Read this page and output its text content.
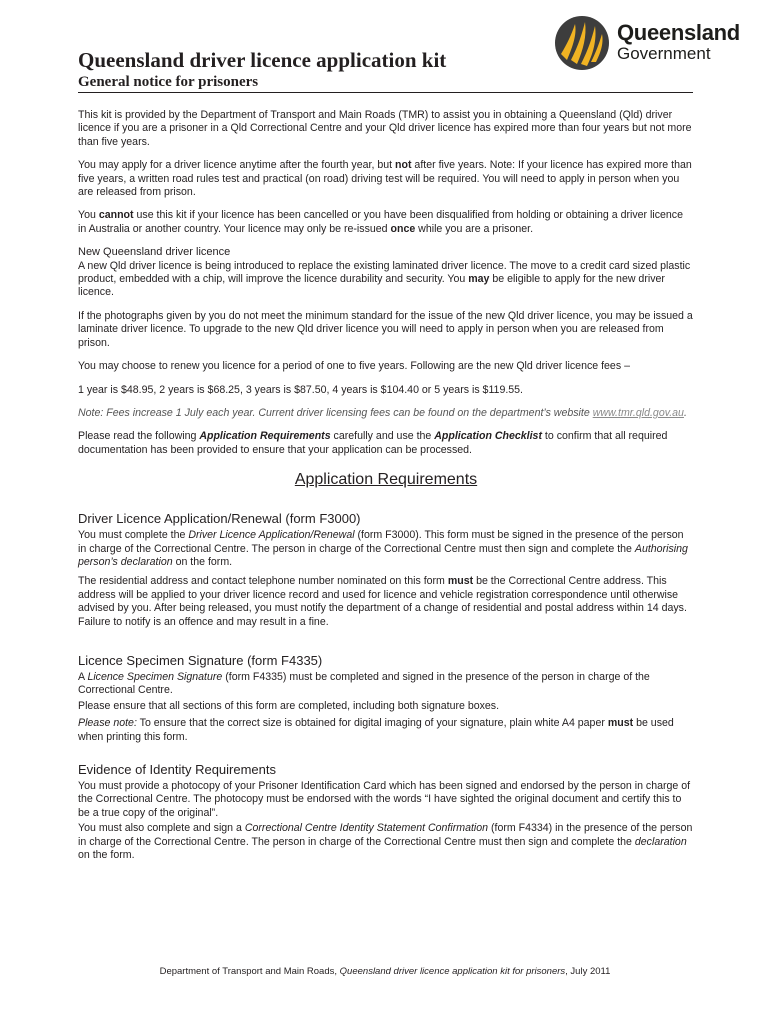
Queensland
Government
Queensland driver licence application kit
General notice for prisoners

This kit is provided by the Department of Transport and Main Roads (TMR) to assist you in obtaining a Queensland (Qld) driver licence if you are a prisoner in a Qld Correctional Centre and your Qld driver licence has expired more than four years but not more than five years.

You may apply for a driver licence anytime after the fourth year, but not after five years. Note: If your licence has expired more than five years, a written road rules test and practical (on road) driving test will be required. You will need to apply in person when you are released from prison.

You cannot use this kit if your licence has been cancelled or you have been disqualified from holding or obtaining a driver licence in Australia or another country. Your licence may only be re-issued once while you are a prisoner.

New Queensland driver licence

A new Qld driver licence is being introduced to replace the existing laminated driver licence. The move to a credit card sized plastic product, embedded with a chip, will improve the licence durability and security. You may be eligible to apply for the new driver licence.

If the photographs given by you do not meet the minimum standard for the issue of the new Qld driver licence, you may be issued a laminate driver licence. To upgrade to the new Qld driver licence you will need to apply in person when you are released from prison.

You may choose to renew you licence for a period of one to five years. Following are the new Qld driver licence fees –

1 year is $48.95, 2 years is $68.25, 3 years is $87.50, 4 years is $104.40 or 5 years is $119.55.

Note: Fees increase 1 July each year. Current driver licensing fees can be found on the department’s website www.tmr.qld.gov.au.

Please read the following Application Requirements carefully and use the Application Checklist to confirm that all required documentation has been provided to ensure that your application can be processed.

Application Requirements
Driver Licence Application/Renewal (form F3000)

You must complete the Driver Licence Application/Renewal (form F3000). This form must be signed in the presence of the person in charge of the Correctional Centre. The person in charge of the Correctional Centre must then sign and complete the Authorising person’s declaration on the form.

The residential address and contact telephone number nominated on this form must be the Correctional Centre address. This address will be applied to your driver licence record and used for licence and vehicle registration correspondence until otherwise advised by you. After being released, you must notify the department of a change of residential and postal address within 14 days. Failure to notify is an offence and may result in a fine.

Licence Specimen Signature (form F4335)

A Licence Specimen Signature (form F4335) must be completed and signed in the presence of the person in charge of the Correctional Centre.

Please ensure that all sections of this form are completed, including both signature boxes.

Please note: To ensure that the correct size is obtained for digital imaging of your signature, plain white A4 paper must be used when printing this form.

Evidence of Identity Requirements

You must provide a photocopy of your Prisoner Identification Card which has been signed and endorsed by the person in charge of the Correctional Centre. The photocopy must be endorsed with the words “I have sighted the original document and certify this to be a true copy of the original”.

You must also complete and sign a Correctional Centre Identity Statement Confirmation (form F4334) in the presence of the person in charge of the Correctional Centre. The person in charge of the Correctional Centre must then sign and complete the declaration on the form.

Department of Transport and Main Roads, Queensland driver licence application kit for prisoners, July 2011
